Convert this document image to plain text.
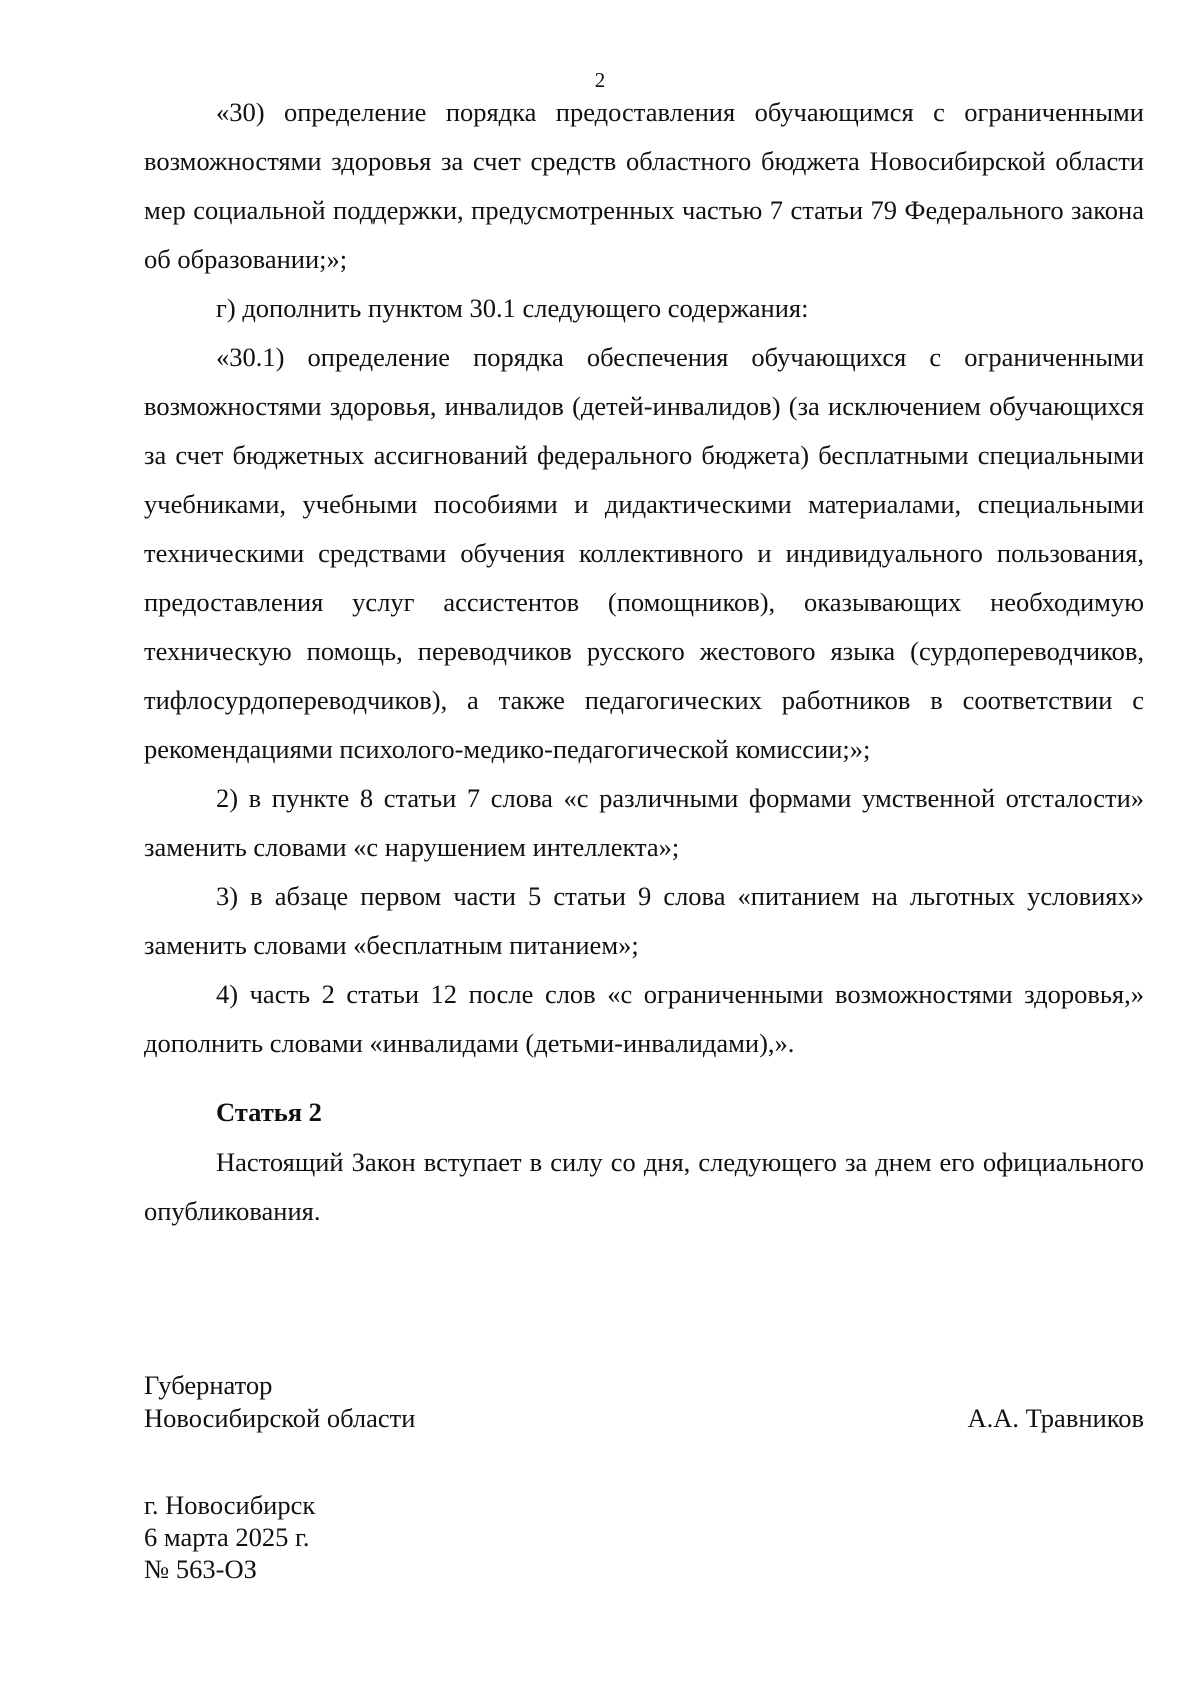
2

«30) определение порядка предоставления обучающимся с ограниченными возможностями здоровья за счет средств областного бюджета Новосибирской области мер социальной поддержки, предусмотренных частью 7 статьи 79 Федерального закона об образовании;»;

г) дополнить пунктом 30.1 следующего содержания:

«30.1) определение порядка обеспечения обучающихся с ограниченными возможностями здоровья, инвалидов (детей-инвалидов) (за исключением обучающихся за счет бюджетных ассигнований федерального бюджета) бесплатными специальными учебниками, учебными пособиями и дидактическими материалами, специальными техническими средствами обучения коллективного и индивидуального пользования, предоставления услуг ассистентов (помощников), оказывающих необходимую техническую помощь, переводчиков русского жестового языка (сурдопереводчиков, тифлосурдопереводчиков), а также педагогических работников в соответствии с рекомендациями психолого-медико-педагогической комиссии;»;

2) в пункте 8 статьи 7 слова «с различными формами умственной отсталости» заменить словами «с нарушением интеллекта»;

3) в абзаце первом части 5 статьи 9 слова «питанием на льготных условиях» заменить словами «бесплатным питанием»;

4) часть 2 статьи 12 после слов «с ограниченными возможностями здоровья,» дополнить словами «инвалидами (детьми-инвалидами),».

Статья 2

Настоящий Закон вступает в силу со дня, следующего за днем его официального опубликования.

Губернатор
Новосибирской области	А.А. Травников
г. Новосибирск
6 марта 2025 г.
№ 563-ОЗ
